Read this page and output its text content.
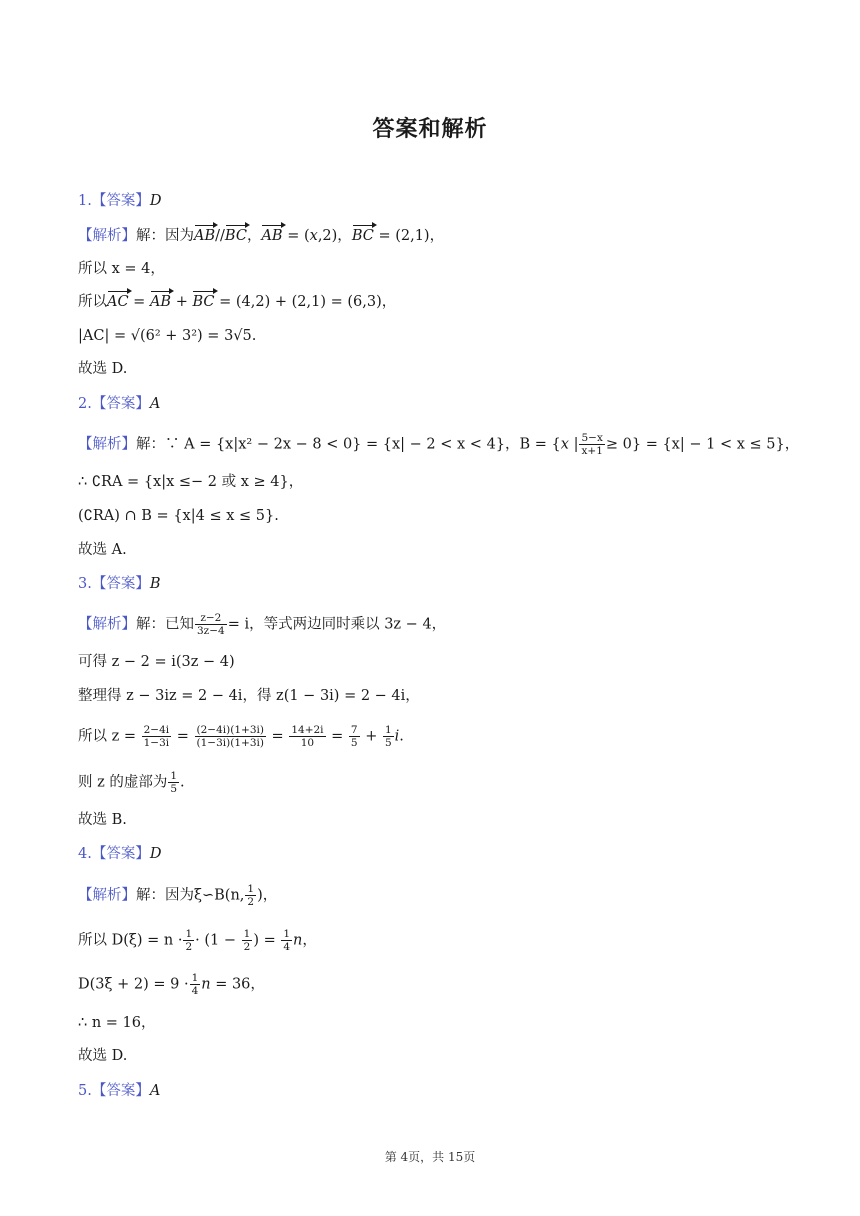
答案和解析
1.【答案】D
【解析】解：因为AB//BC，AB = (x,2)，BC = (2,1)，
所以 x = 4，
所以AC = AB + BC = (4,2) + (2,1) = (6,3)，
|AC| = √(6² + 3²) = 3√5.
故选 D.
2.【答案】A
【解析】解：∵ A = {x|x² − 2x − 8 < 0} = {x| − 2 < x < 4}，B = {x | $\frac{5-x}{x+1} \ge 0\} = \{x| - 1 < x \le 5\}$，
∴ ∁RA = {x|x ≤− 2 或 x ≥ 4}，
(∁RA) ∩ B = {x|4 ≤ x ≤ 5}.
故选 A.
3.【答案】B
【解析】解：已知 $\frac{z-2}{3z-4} = i$，等式两边同时乘以 3z − 4，
可得 z − 2 = i(3z − 4)
整理得 z − 3iz = 2 − 4i，得 z(1 − 3i) = 2 − 4i，
所以 $z = \frac{2-4i}{1-3i} = \frac{(2-4i)(1+3i)}{(1-3i)(1+3i)} = \frac{14+2i}{10} = \frac{7}{5} + \frac{1}{5} i$.
则 z 的虚部为 $\frac{1}{5}$ .
故选 B.
4.【答案】D
【解析】解：因为ξ∽B(n, $\frac{1}{2}$ )，
所以 $D(\xi) = n \cdot \frac{1}{2} \cdot (1 - \frac{1}{2}$ ) = $\frac{1}{4}$ n，
$D(3\xi + 2) = 9 \cdot \frac{1}{4}$ n = 36，
∴ n = 16，
故选 D.
5.【答案】A
第 4页，共 15页
